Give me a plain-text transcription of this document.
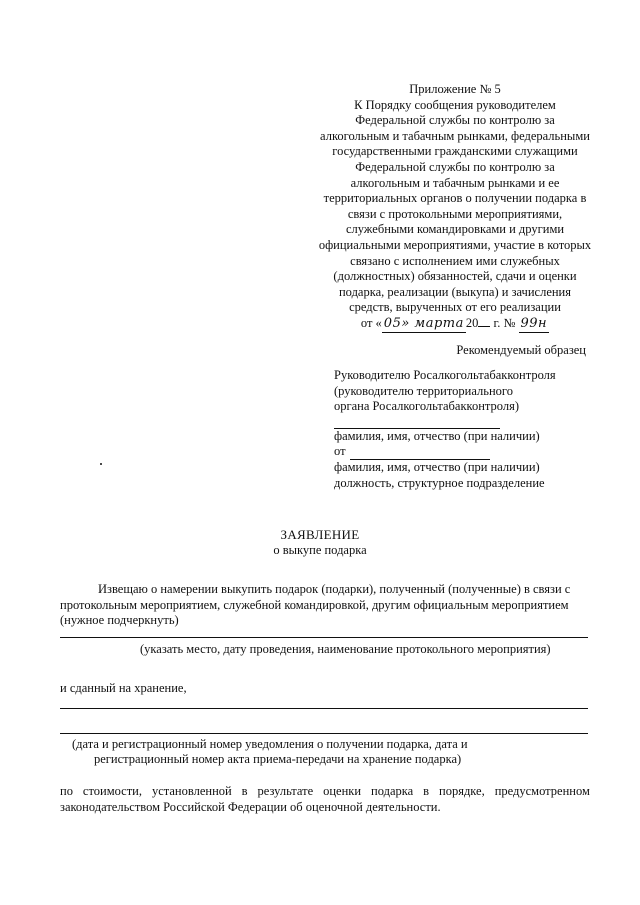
Приложение № 5
К Порядку сообщения руководителем
Федеральной службы по контролю за
алкогольным и табачным рынками, федеральными
государственными гражданскими служащими
Федеральной службы по контролю за
алкогольным и табачным рынками и ее
территориальных органов о получении подарка в
связи с протокольными мероприятиями,
служебными командировками и другими
официальными мероприятиями, участие в которых
связано с исполнением ими служебных
(должностных) обязанностей, сдачи и оценки
подарка, реализации (выкупа) и зачисления
средств, вырученных от его реализации
от « 05» марта 20 г. № 99н
Рекомендуемый образец
Руководителю Росалкогольтабакконтроля
(руководителю территориального
органа Росалкогольтабакконтроля)
фамилия, имя, отчество (при наличии)
от
фамилия, имя, отчество (при наличии)
должность, структурное подразделение
ЗАЯВЛЕНИЕ
о выкупе подарка
Извещаю о намерении выкупить подарок (подарки), полученный (полученные) в связи с
протокольным мероприятием, служебной командировкой, другим официальным мероприятием
(нужное подчеркнуть)
(указать место, дату проведения, наименование протокольного мероприятия)
и сданный на хранение,
(дата и регистрационный номер уведомления о получении подарка, дата и
регистрационный номер акта приема-передачи на хранение подарка)
по стоимости, установленной в результате оценки подарка в порядке, предусмотренном
законодательством Российской Федерации об оценочной деятельности.
